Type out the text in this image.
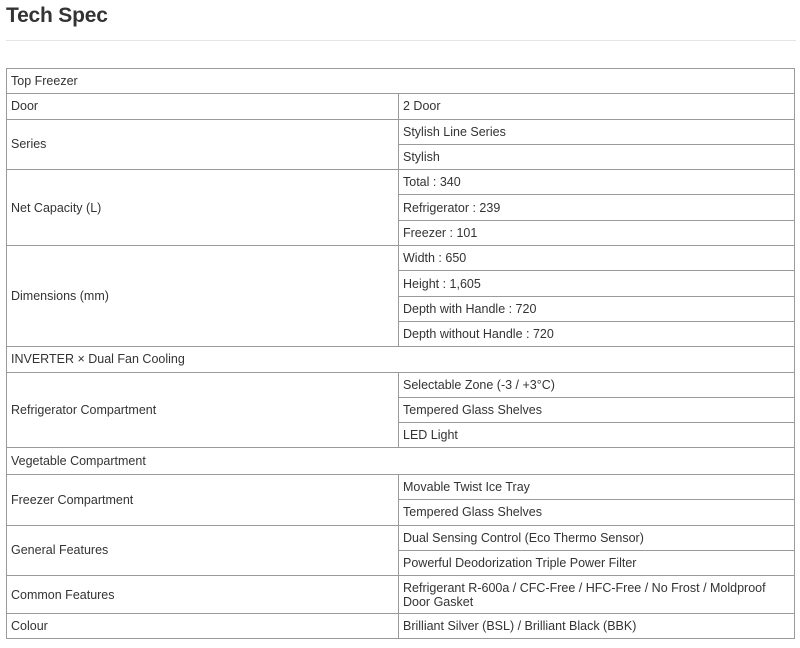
Tech Spec
Top Freezer	
Door	2 Door
Series	Stylish Line Series
	Stylish
Net Capacity (L)	Total : 340
	Refrigerator : 239
	Freezer : 101
Dimensions (mm)	Width : 650
	Height : 1,605
	Depth with Handle : 720
	Depth without Handle : 720
INVERTER × Dual Fan Cooling	
Refrigerator Compartment	Selectable Zone (-3 / +3°C)
	Tempered Glass Shelves
	LED Light
Vegetable Compartment	
Freezer Compartment	Movable Twist Ice Tray
	Tempered Glass Shelves
General Features	Dual Sensing Control (Eco Thermo Sensor)
	Powerful Deodorization Triple Power Filter
Common Features	Refrigerant R-600a / CFC-Free / HFC-Free / No Frost / Moldproof Door Gasket
Colour	Brilliant Silver (BSL) / Brilliant Black (BBK)
